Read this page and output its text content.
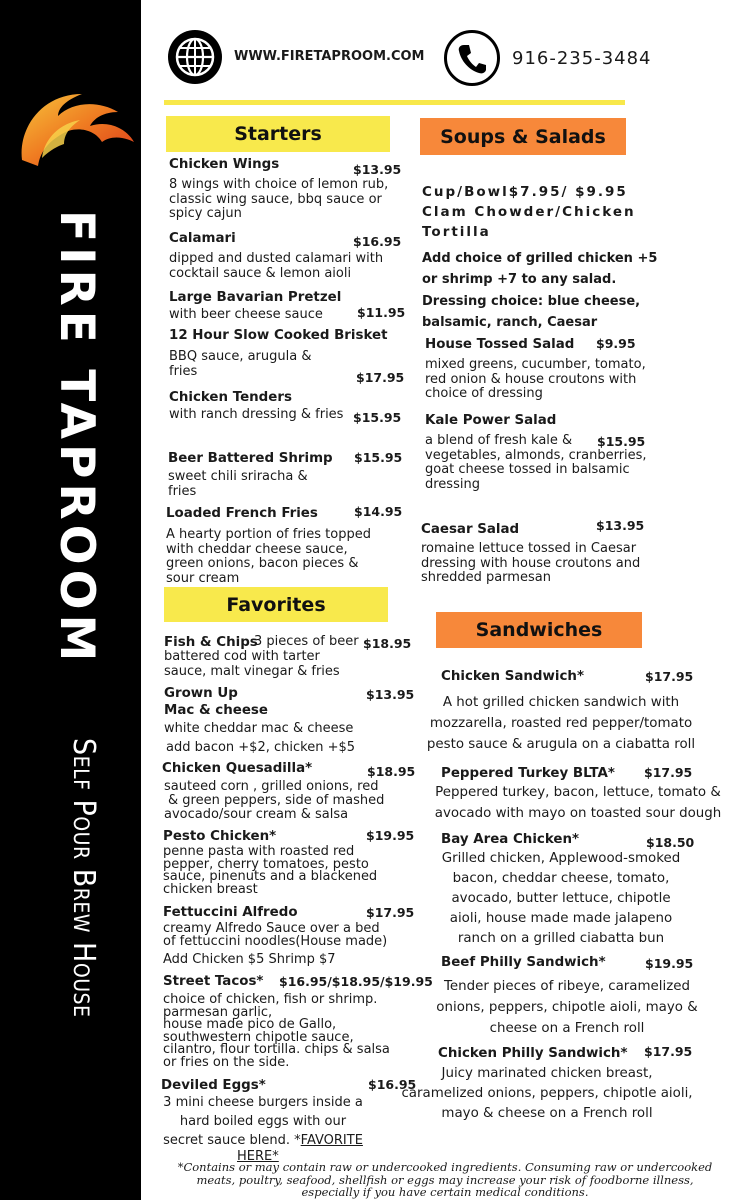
FIRE TAPROOM
Self Pour Brew House
WWW.FIRETAPROOM.COM	916-235-3484
Starters	Soups & Salads
Favorites
Sandwiches
Chicken Wings	$13.95
8 wings with choice of lemon rub,
classic wing sauce, bbq sauce or
spicy cajun
Calamari	$16.95
dipped and dusted calamari with
cocktail sauce & lemon aioli
Large Bavarian Pretzel
$11.95
with beer cheese sauce
12 Hour Slow Cooked Brisket
BBQ sauce, arugula &
fries	$17.95
Chicken Tenders
with ranch dressing & fries $15.95
Beer Battered Shrimp $15.95
sweet chili sriracha &
fries
Loaded French Fries	$14.95
A hearty portion of fries topped
with cheddar cheese sauce,
green onions, bacon pieces &
sour cream
Cup/Bowl$7.95/ $9.95
Clam Chowder/Chicken
Tortilla
Add choice of grilled chicken +5
or shrimp +7 to any salad.
Dressing choice: blue cheese,
balsamic, ranch, Caesar
House Tossed Salad $9.95
mixed greens, cucumber, tomato,
red onion & house croutons with
choice of dressing
Kale Power Salad
$15.95
a blend of fresh kale &
vegetables, almonds, cranberries,
goat cheese tossed in balsamic
dressing
Caesar Salad	$13.95
romaine lettuce tossed in Caesar
dressing with house croutons and
shredded parmesan
Fish & Chips
3 pieces of beer $18.95
battered cod with tarter
sauce, malt vinegar & fries
Grown Up
Mac & cheese
$13.95
white cheddar mac & cheese
add bacon +$2, chicken +$5
Chicken Quesadilla*	$18.95
sauteed corn , grilled onions, red
& green peppers, side of mashed
avocado/sour cream & salsa
Pesto Chicken*	$19.95
penne pasta with roasted red
pepper, cherry tomatoes, pesto
sauce, pinenuts and a blackened
chicken breast
Fettuccini Alfredo	$17.95
creamy Alfredo Sauce over a bed
of fettuccini noodles(House made)
Add Chicken $5 Shrimp $7
Street Tacos* $16.95/$18.95/$19.95
choice of chicken, fish or shrimp.
parmesan garlic,
house made pico de Gallo,
southwestern chipotle sauce,
cilantro, flour tortilla. chips & salsa
or fries on the side.
Deviled Eggs*	$16.95
3 mini cheese burgers inside a
hard boiled eggs with our
secret sauce blend. *FAVORITE
HERE*
Chicken Sandwich*	$17.95
A hot grilled chicken sandwich with
mozzarella, roasted red pepper/tomato
pesto sauce & arugula on a ciabatta roll
Peppered Turkey BLTA* $17.95
Peppered turkey, bacon, lettuce, tomato &
avocado with mayo on toasted sour dough
Bay Area Chicken*	$18.50
Grilled chicken, Applewood-smoked
bacon, cheddar cheese, tomato,
avocado, butter lettuce, chipotle
aioli, house made made jalapeno
ranch on a grilled ciabatta bun
Beef Philly Sandwich*	$19.95
Tender pieces of ribeye, caramelized
onions, peppers, chipotle aioli, mayo &
cheese on a French roll
Chicken Philly Sandwich* $17.95
Juicy marinated chicken breast,
caramelized onions, peppers, chipotle aioli,
mayo & cheese on a French roll
*Contains or may contain raw or undercooked ingredients. Consuming raw or undercooked
meats, poultry, seafood, shellfish or eggs may increase your risk of foodborne illness,
especially if you have certain medical conditions.
